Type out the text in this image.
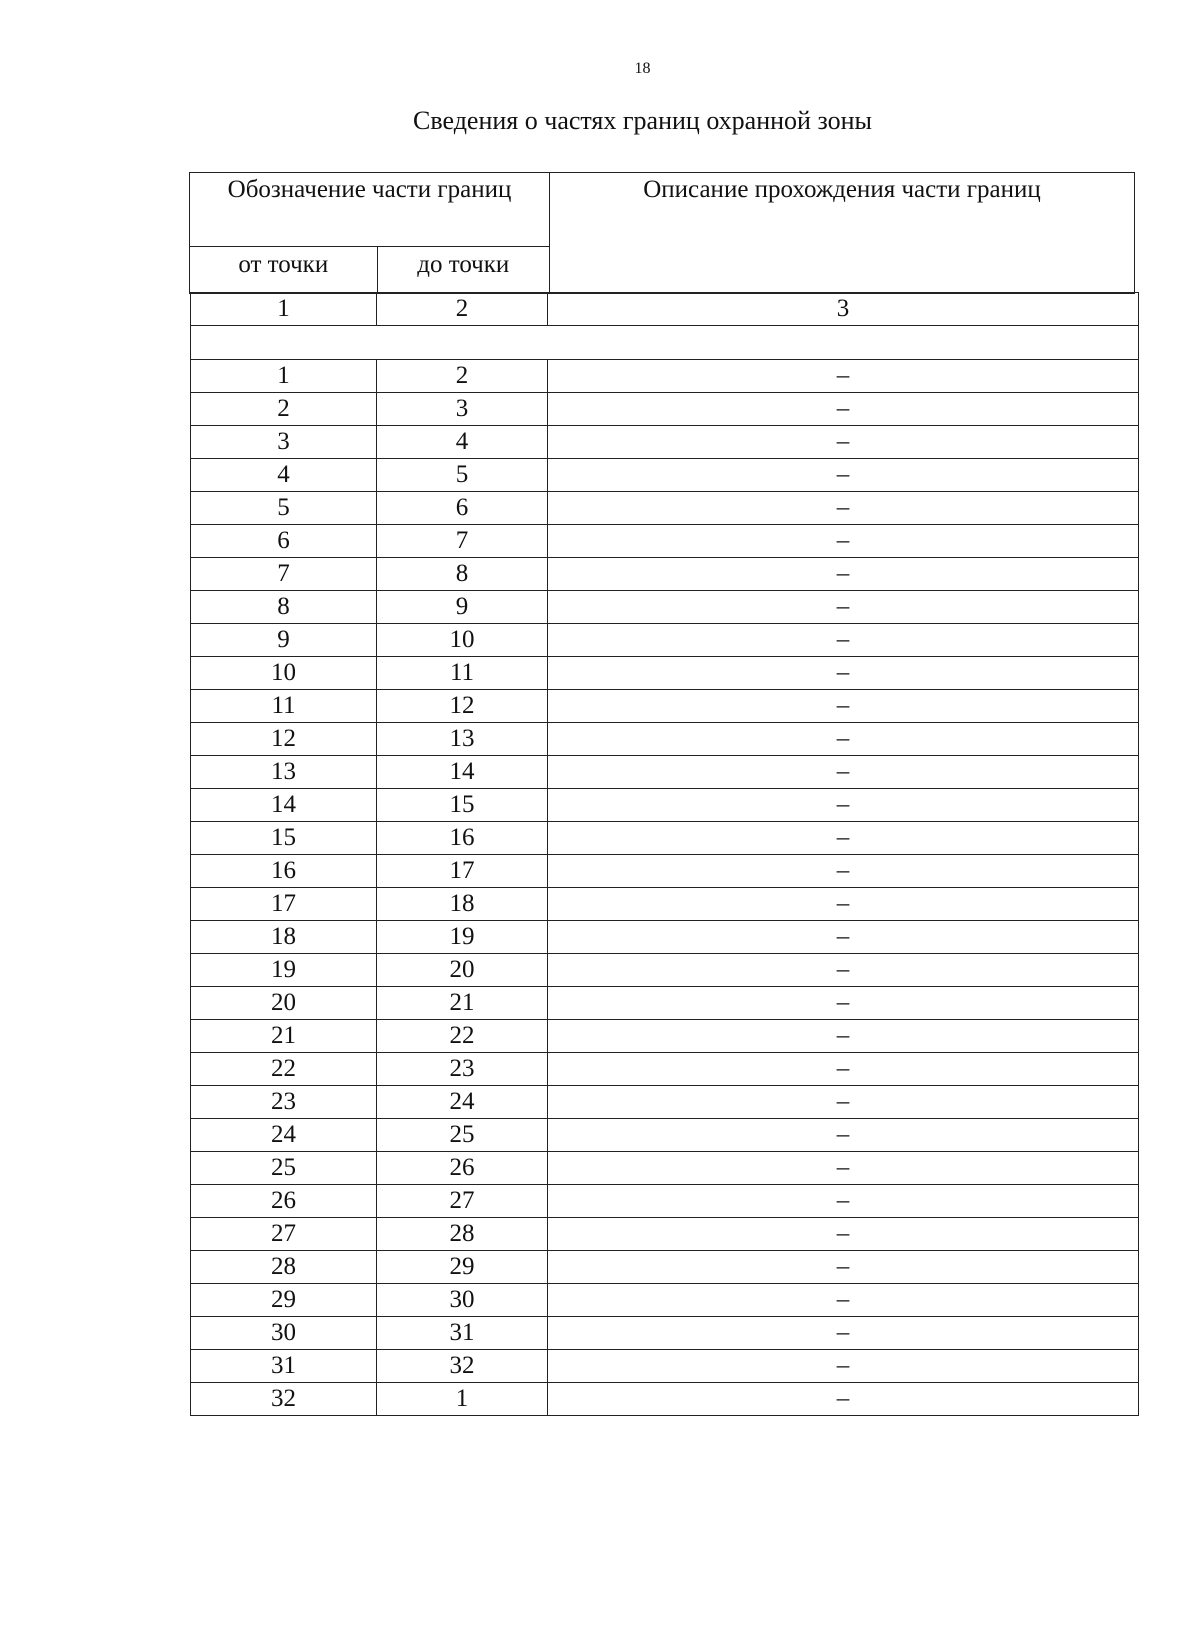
18
Сведения о частях границ охранной зоны
Обозначение части границ		Описание прохождения части границ
от точки	до точки	
1	2	3

1	2	–
2	3	–
3	4	–
4	5	–
5	6	–
6	7	–
7	8	–
8	9	–
9	10	–
10	11	–
11	12	–
12	13	–
13	14	–
14	15	–
15	16	–
16	17	–
17	18	–
18	19	–
19	20	–
20	21	–
21	22	–
22	23	–
23	24	–
24	25	–
25	26	–
26	27	–
27	28	–
28	29	–
29	30	–
30	31	–
31	32	–
32	1	–
